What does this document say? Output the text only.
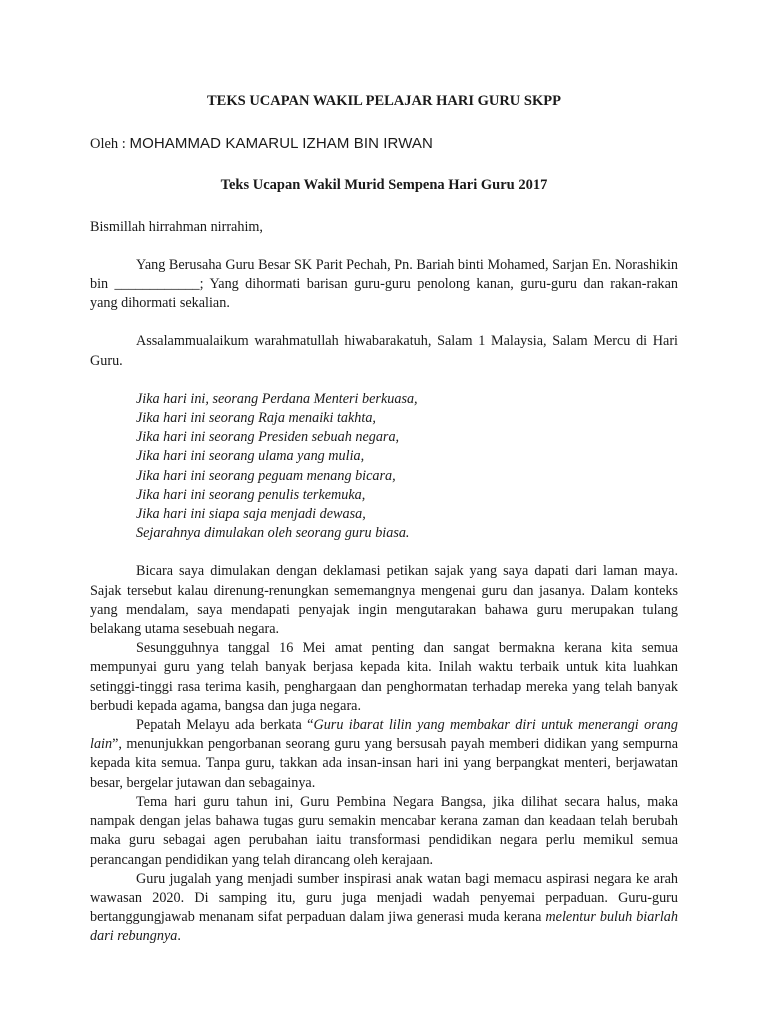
TEKS UCAPAN WAKIL PELAJAR HARI GURU SKPP

Oleh : MOHAMMAD KAMARUL IZHAM BIN IRWAN

Teks Ucapan Wakil Murid Sempena Hari Guru 2017

Bismillah hirrahman nirrahim,

Yang Berusaha Guru Besar SK Parit Pechah, Pn. Bariah binti Mohamed, Sarjan En. Norashikin bin ____________; Yang dihormati barisan guru-guru penolong kanan, guru-guru dan rakan-rakan yang dihormati sekalian.

Assalammualaikum warahmatullah hiwabarakatuh, Salam 1 Malaysia, Salam Mercu di Hari Guru.

Jika hari ini, seorang Perdana Menteri berkuasa,
Jika hari ini seorang Raja menaiki takhta,
Jika hari ini seorang Presiden sebuah negara,
Jika hari ini seorang ulama yang mulia,
Jika hari ini seorang peguam menang bicara,
Jika hari ini seorang penulis terkemuka,
Jika hari ini siapa saja menjadi dewasa,
Sejarahnya dimulakan oleh seorang guru biasa.

Bicara saya dimulakan dengan deklamasi petikan sajak yang saya dapati dari laman maya. Sajak tersebut kalau direnung-renungkan sememangnya mengenai guru dan jasanya. Dalam konteks yang mendalam, saya mendapati penyajak ingin mengutarakan bahawa guru merupakan tulang belakang utama sesebuah negara.

Sesungguhnya tanggal 16 Mei amat penting dan sangat bermakna kerana kita semua mempunyai guru yang telah banyak berjasa kepada kita. Inilah waktu terbaik untuk kita luahkan setinggi-tinggi rasa terima kasih, penghargaan dan penghormatan terhadap mereka yang telah banyak berbudi kepada agama, bangsa dan juga negara.

Pepatah Melayu ada berkata “Guru ibarat lilin yang membakar diri untuk menerangi orang lain”, menunjukkan pengorbanan seorang guru yang bersusah payah memberi didikan yang sempurna kepada kita semua. Tanpa guru, takkan ada insan-insan hari ini yang berpangkat menteri, berjawatan besar, bergelar jutawan dan sebagainya.

Tema hari guru tahun ini, Guru Pembina Negara Bangsa, jika dilihat secara halus, maka nampak dengan jelas bahawa tugas guru semakin mencabar kerana zaman dan keadaan telah berubah maka guru sebagai agen perubahan iaitu transformasi pendidikan negara perlu memikul semua perancangan pendidikan yang telah dirancang oleh kerajaan.

Guru jugalah yang menjadi sumber inspirasi anak watan bagi memacu aspirasi negara ke arah wawasan 2020. Di samping itu, guru juga menjadi wadah penyemai perpaduan. Guru-guru bertanggungjawab menanam sifat perpaduan dalam jiwa generasi muda kerana melentur buluh biarlah dari rebungnya.
